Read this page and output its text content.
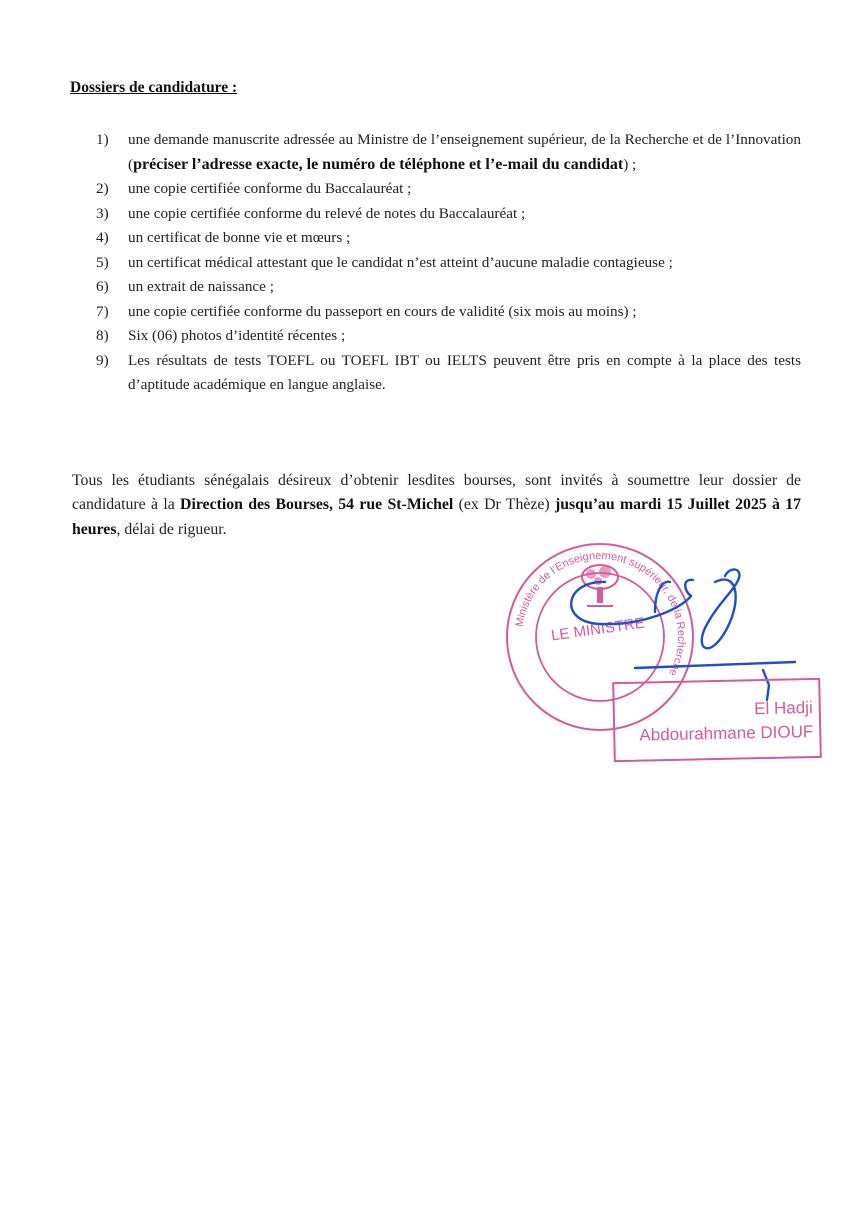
Dossiers de candidature :
1)	une demande manuscrite adressée au Ministre de l’enseignement supérieur, de la Recherche et de l’Innovation (préciser l’adresse exacte, le numéro de téléphone et l’e-mail du candidat) ;
2)	une copie certifiée conforme du Baccalauréat ;
3)	une copie certifiée conforme du relevé de notes du Baccalauréat ;
4)	un certificat de bonne vie et mœurs ;
5)	un certificat médical attestant que le candidat n’est atteint d’aucune maladie contagieuse ;
6)	un extrait de naissance ;
7)	une copie certifiée conforme du passeport en cours de validité (six mois au moins) ;
8)	Six (06) photos d’identité récentes ;
9)	Les résultats de tests TOEFL ou TOEFL IBT ou IELTS peuvent être pris en compte à la place des tests d’aptitude académique en langue anglaise.

Tous les étudiants sénégalais désireux d’obtenir lesdites bourses, sont invités à soumettre leur dossier de candidature à la Direction des Bourses, 54 rue St-Michel (ex Dr Thèze) jusqu’au mardi 15 Juillet 2025 à 17 heures, délai de rigueur.

Ministère de l’Enseignement supérieur, de la Recherche
LE MINISTRE
El Hadji
Abdourahmane DIOUF
